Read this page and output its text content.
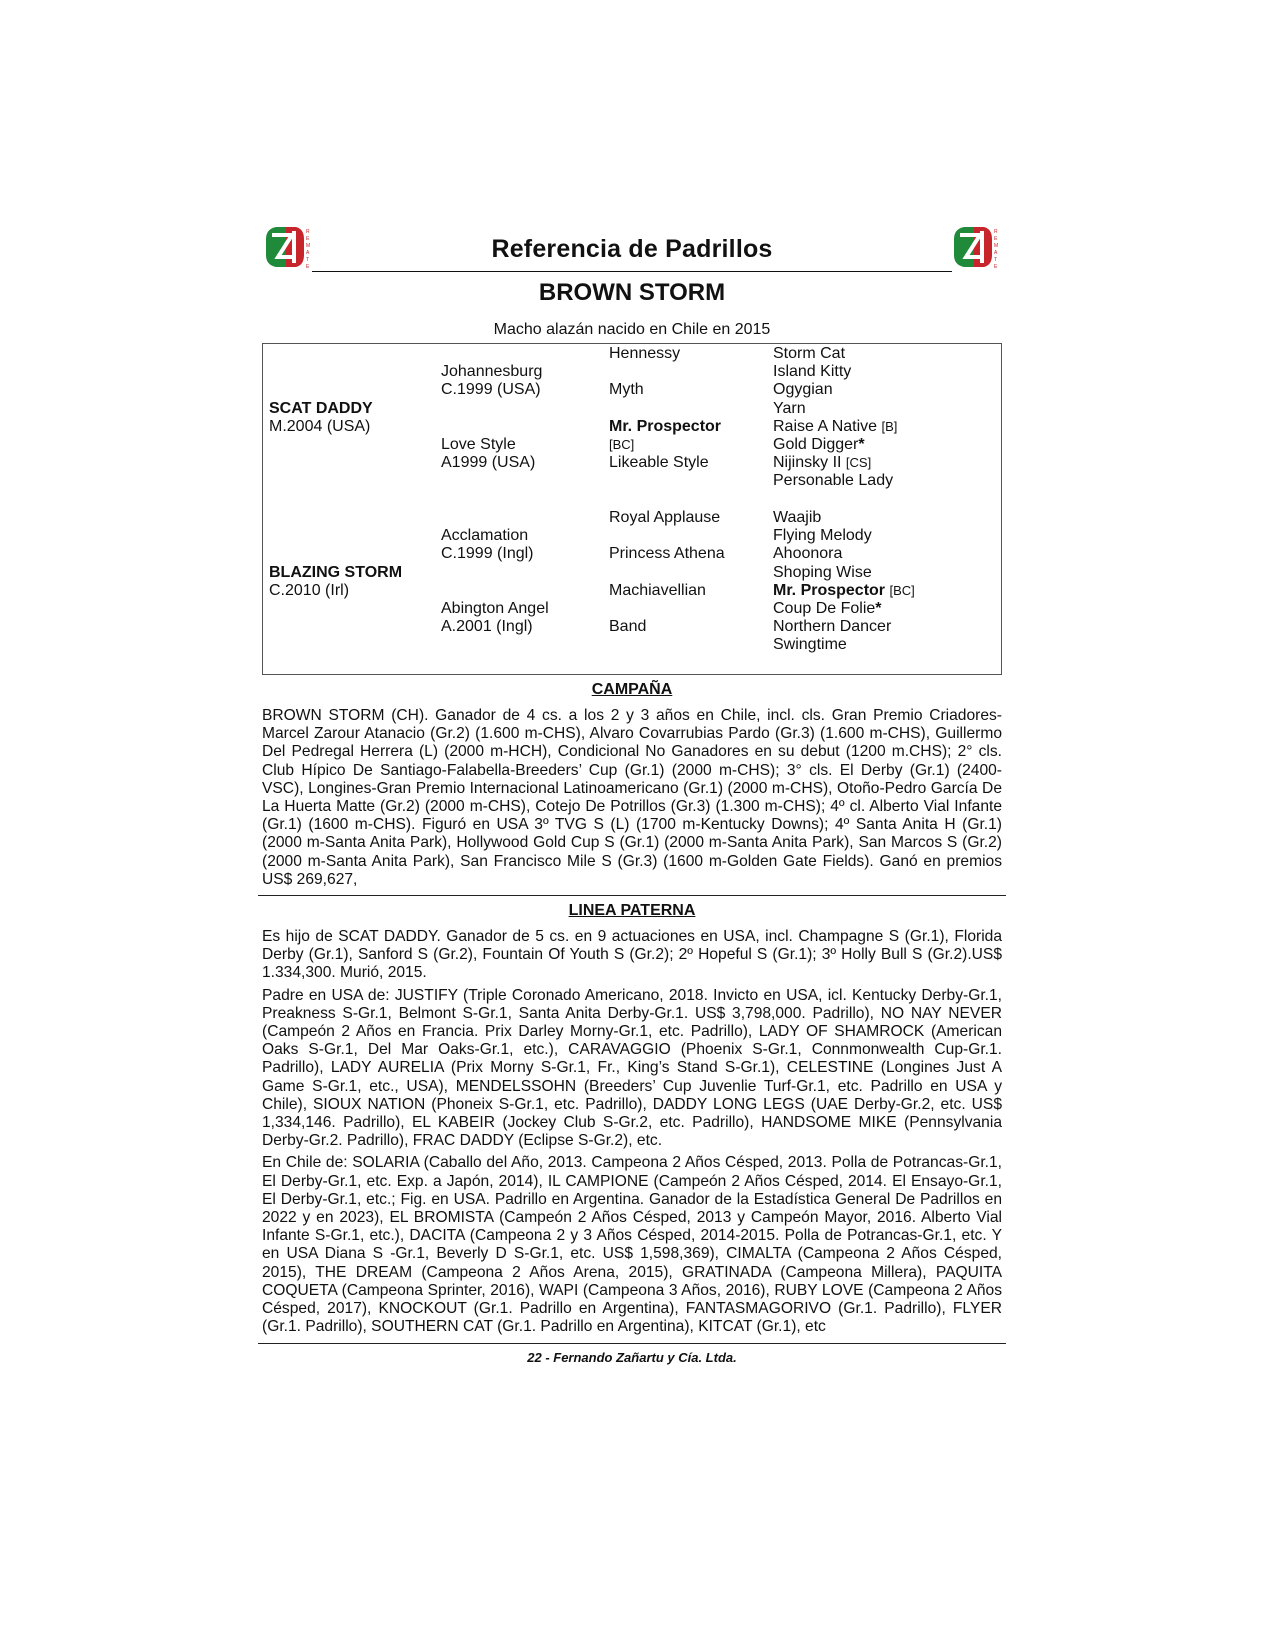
R
E
M
A
T
E
Referencia de Padrillos
R
E
M
A
T
E
BROWN STORM
Macho alazán nacido en Chile en 2015
SCAT DADDY
M.2004 (USA)
BLAZING STORM
C.2010 (Irl)
Johannesburg
C.1999 (USA)
Love Style
A1999 (USA)
Acclamation
C.1999 (Ingl)
Abington Angel
A.2001 (Ingl)
Hennessy
Myth
Mr. Prospector
[BC]
Likeable Style
Royal Applause
Princess Athena
Machiavellian
Band
Storm Cat
Island Kitty
Ogygian
Yarn
Raise A Native [B]
Gold Digger*
Nijinsky II [CS]
Personable Lady
Waajib
Flying Melody
Ahoonora
Shoping Wise
Mr. Prospector [BC]
Coup De Folie*
Northern Dancer
Swingtime
CAMPAÑA

BROWN STORM (CH). Ganador de 4 cs. a los 2 y 3 años en Chile, incl. cls. Gran Premio Criadores-Marcel Zarour Atanacio (Gr.2) (1.600 m-CHS), Alvaro Covarrubias Pardo (Gr.3) (1.600 m-CHS), Guillermo Del Pedregal Herrera (L) (2000 m-HCH), Condicional No Ganadores en su debut (1200 m.CHS); 2° cls. Club Hípico De Santiago-Falabella-Breeders’ Cup (Gr.1) (2000 m-CHS); 3° cls. El Derby (Gr.1) (2400-VSC), Longines-Gran Premio Internacional Latinoamericano (Gr.1) (2000 m-CHS), Otoño-Pedro García De La Huerta Matte (Gr.2) (2000 m-CHS), Cotejo De Potrillos (Gr.3) (1.300 m-CHS); 4º cl. Alberto Vial Infante (Gr.1) (1600 m-CHS). Figuró en USA 3º TVG S (L) (1700 m-Kentucky Downs); 4º Santa Anita H (Gr.1) (2000 m-Santa Anita Park), Hollywood Gold Cup S (Gr.1) (2000 m-Santa Anita Park), San Marcos S (Gr.2) (2000 m-Santa Anita Park), San Francisco Mile S (Gr.3) (1600 m-Golden Gate Fields). Ganó en premios US$ 269,627,

LINEA PATERNA

Es hijo de SCAT DADDY. Ganador de 5 cs. en 9 actuaciones en USA, incl. Champagne S (Gr.1), Florida Derby (Gr.1), Sanford S (Gr.2), Fountain Of Youth S (Gr.2); 2º Hopeful S (Gr.1); 3º Holly Bull S (Gr.2).US$ 1.334,300. Murió, 2015.

Padre en USA de: JUSTIFY (Triple Coronado Americano, 2018. Invicto en USA, icl. Kentucky Derby-Gr.1, Preakness S-Gr.1, Belmont S-Gr.1, Santa Anita Derby-Gr.1. US$ 3,798,000. Padrillo), NO NAY NEVER (Campeón 2 Años en Francia. Prix Darley Morny-Gr.1, etc. Padrillo), LADY OF SHAMROCK (American Oaks S-Gr.1, Del Mar Oaks-Gr.1, etc.), CARAVAGGIO (Phoenix S-Gr.1, Connmonwealth Cup-Gr.1. Padrillo), LADY AURELIA (Prix Morny S-Gr.1, Fr., King’s Stand S-Gr.1), CELESTINE (Longines Just A Game S-Gr.1, etc., USA), MENDELSSOHN (Breeders’ Cup Juvenlie Turf-Gr.1, etc. Padrillo en USA y Chile), SIOUX NATION (Phoneix S-Gr.1, etc. Padrillo), DADDY LONG LEGS (UAE Derby-Gr.2, etc. US$ 1,334,146. Padrillo), EL KABEIR (Jockey Club S-Gr.2, etc. Padrillo), HANDSOME MIKE (Pennsylvania Derby-Gr.2. Padrillo), FRAC DADDY (Eclipse S-Gr.2), etc.

En Chile de: SOLARIA (Caballo del Año, 2013. Campeona 2 Años Césped, 2013. Polla de Potrancas-Gr.1, El Derby-Gr.1, etc. Exp. a Japón, 2014), IL CAMPIONE (Campeón 2 Años Césped, 2014. El Ensayo-Gr.1, El Derby-Gr.1, etc.; Fig. en USA. Padrillo en Argentina. Ganador de la Estadística General De Padrillos en 2022 y en 2023), EL BROMISTA (Campeón 2 Años Césped, 2013 y Campeón Mayor, 2016. Alberto Vial Infante S-Gr.1, etc.), DACITA (Campeona 2 y 3 Años Césped, 2014-2015. Polla de Potrancas-Gr.1, etc. Y en USA Diana S -Gr.1, Beverly D S-Gr.1, etc. US$ 1,598,369), CIMALTA (Campeona 2 Años Césped, 2015), THE DREAM (Campeona 2 Años Arena, 2015), GRATINADA (Campeona Millera), PAQUITA COQUETA (Campeona Sprinter, 2016), WAPI (Campeona 3 Años, 2016), RUBY LOVE (Campeona 2 Años Césped, 2017), KNOCKOUT (Gr.1. Padrillo en Argentina), FANTASMAGORIVO (Gr.1. Padrillo), FLYER (Gr.1. Padrillo), SOUTHERN CAT (Gr.1. Padrillo en Argentina), KITCAT (Gr.1), etc

22 - Fernando Zañartu y Cía. Ltda.
